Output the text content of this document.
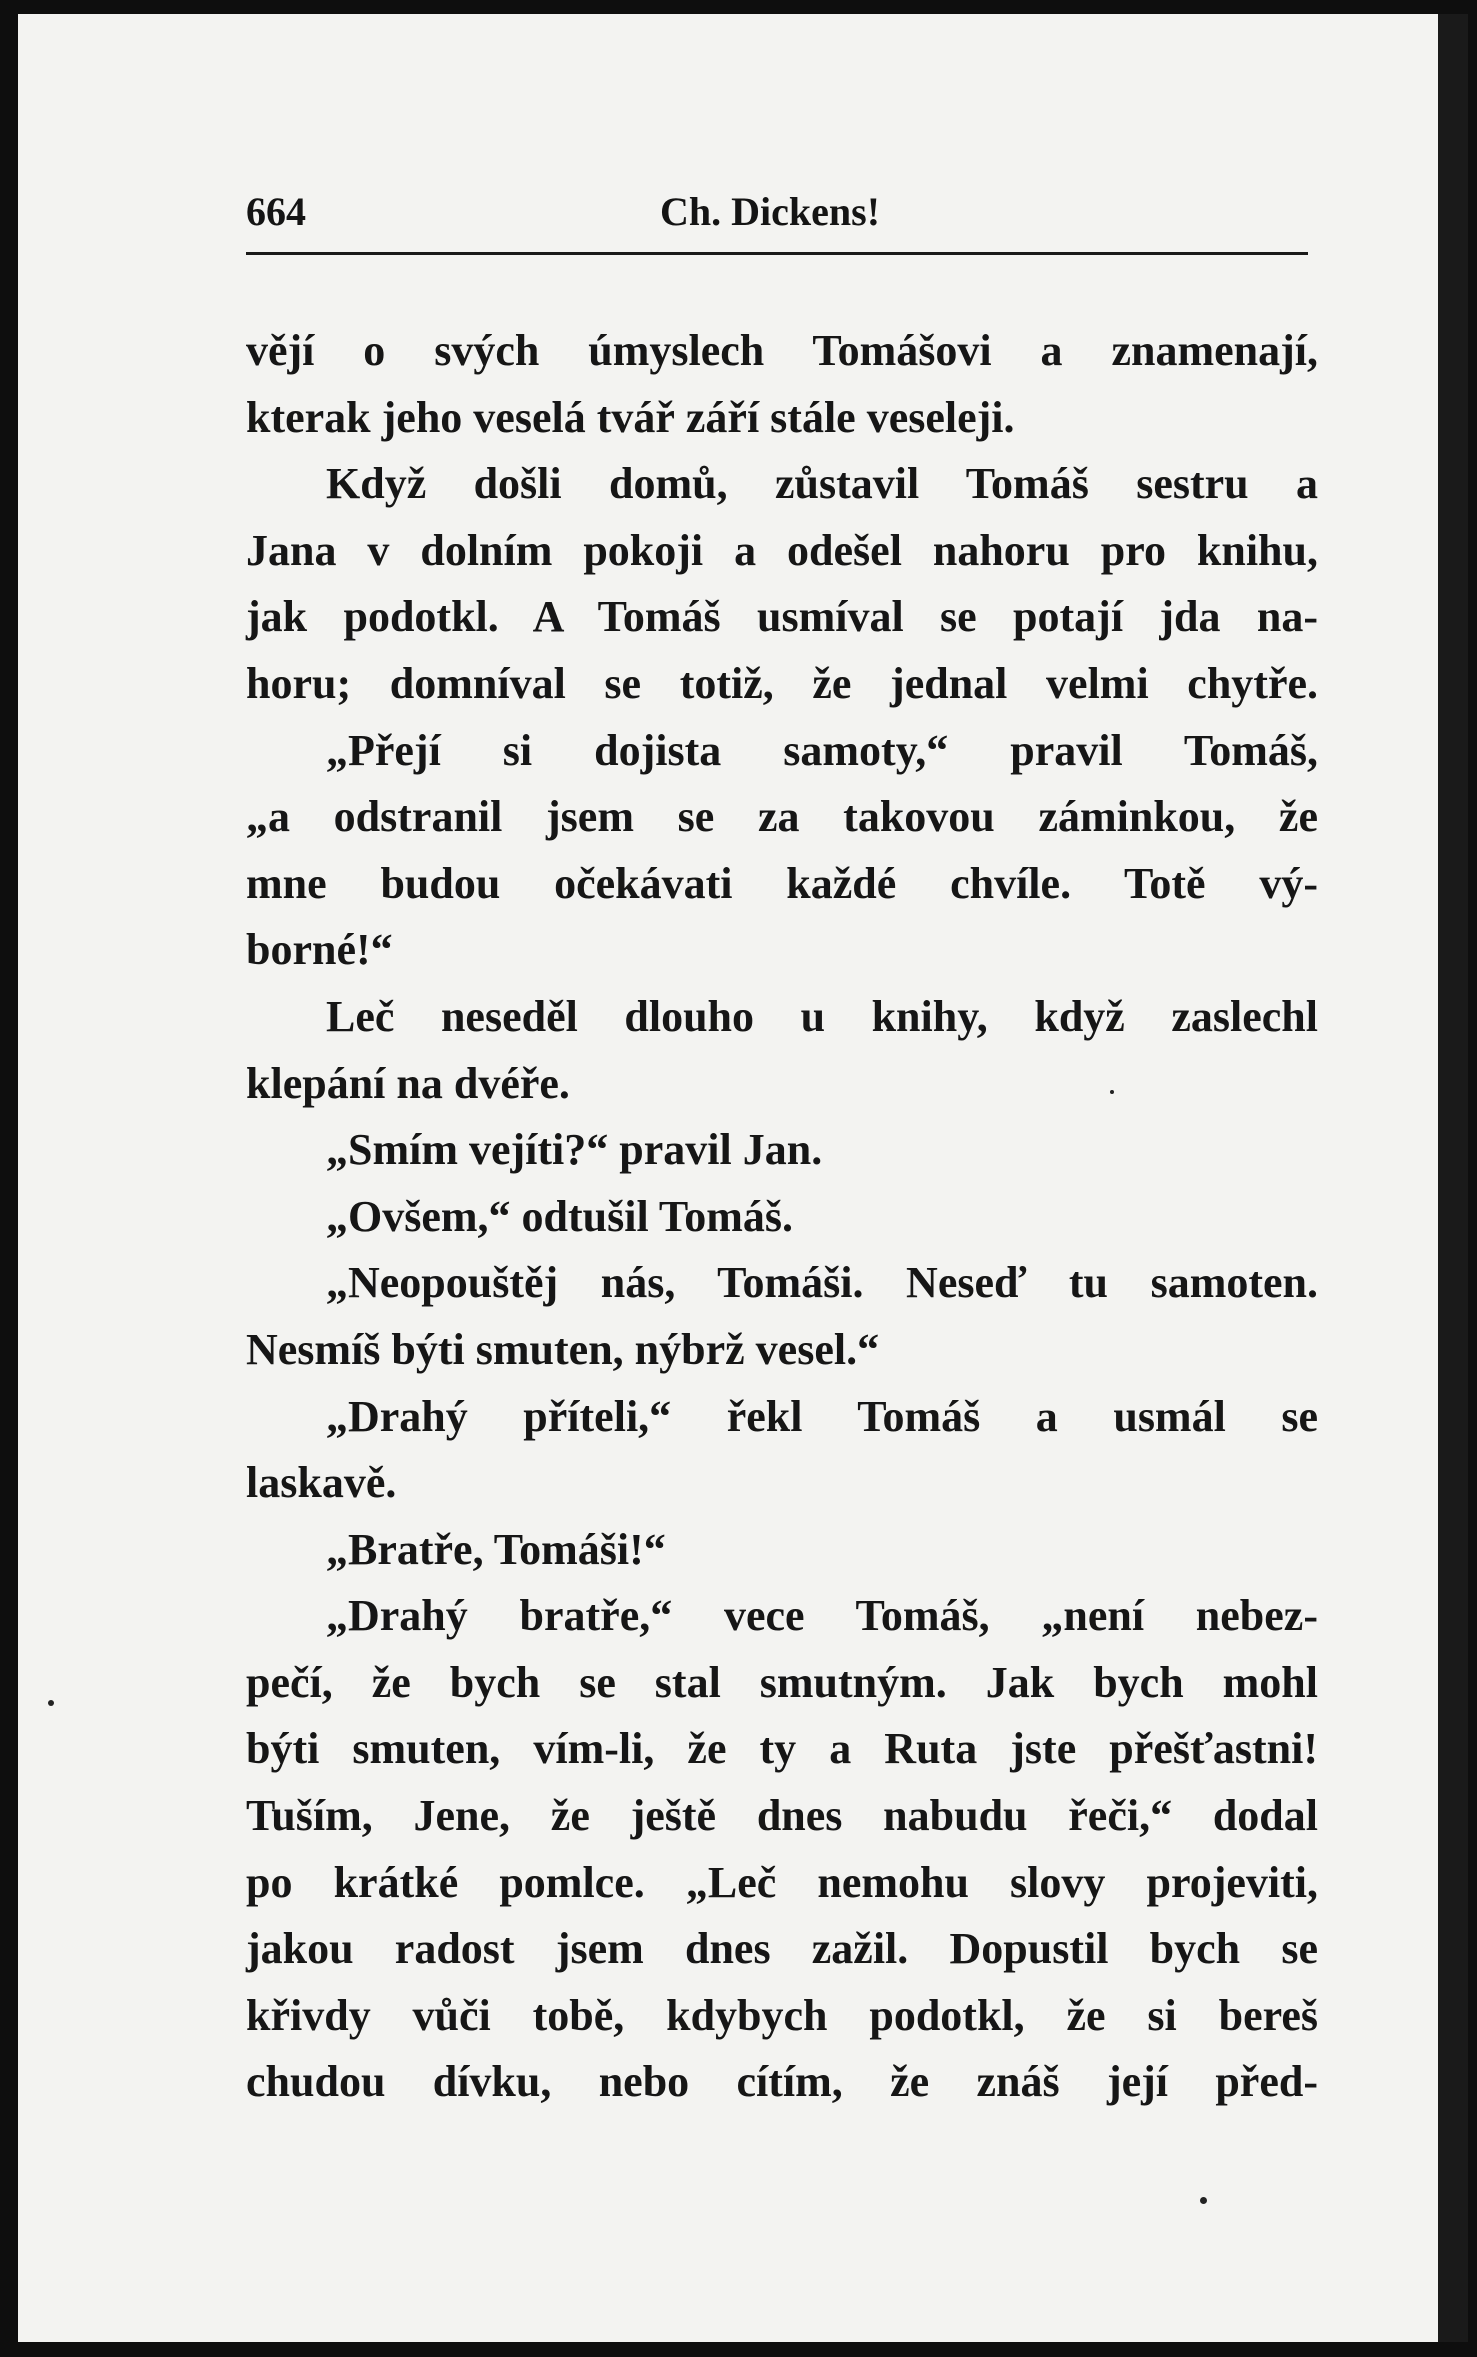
664	Ch. Dickens!
vějí o svých úmyslech Tomášovi a znamenají,
kterak jeho veselá tvář září stále veseleji.
Když došli domů, zůstavil Tomáš sestru a
Jana v dolním pokoji a odešel nahoru pro knihu,
jak podotkl. A Tomáš usmíval se potají jda na-
horu; domníval se totiž, že jednal velmi chytře.
„Přejí si dojista samoty,“ pravil Tomáš,
„a odstranil jsem se za takovou záminkou, že
mne budou očekávati každé chvíle. Totě vý-
borné!“
Leč neseděl dlouho u knihy, když zaslechl
klepání na dvéře.
„Smím vejíti?“ pravil Jan.
„Ovšem,“ odtušil Tomáš.
„Neopouštěj nás, Tomáši. Neseď tu samoten.
Nesmíš býti smuten, nýbrž vesel.“
„Drahý příteli,“ řekl Tomáš a usmál se
laskavě.
„Bratře, Tomáši!“
„Drahý bratře,“ vece Tomáš, „není nebez-
pečí, že bych se stal smutným. Jak bych mohl
býti smuten, vím-li, že ty a Ruta jste přešťastni!
Tuším, Jene, že ještě dnes nabudu řeči,“ dodal
po krátké pomlce. „Leč nemohu slovy projeviti,
jakou radost jsem dnes zažil. Dopustil bych se
křivdy vůči tobě, kdybych podotkl, že si bereš
chudou dívku, nebo cítím, že znáš její před-
